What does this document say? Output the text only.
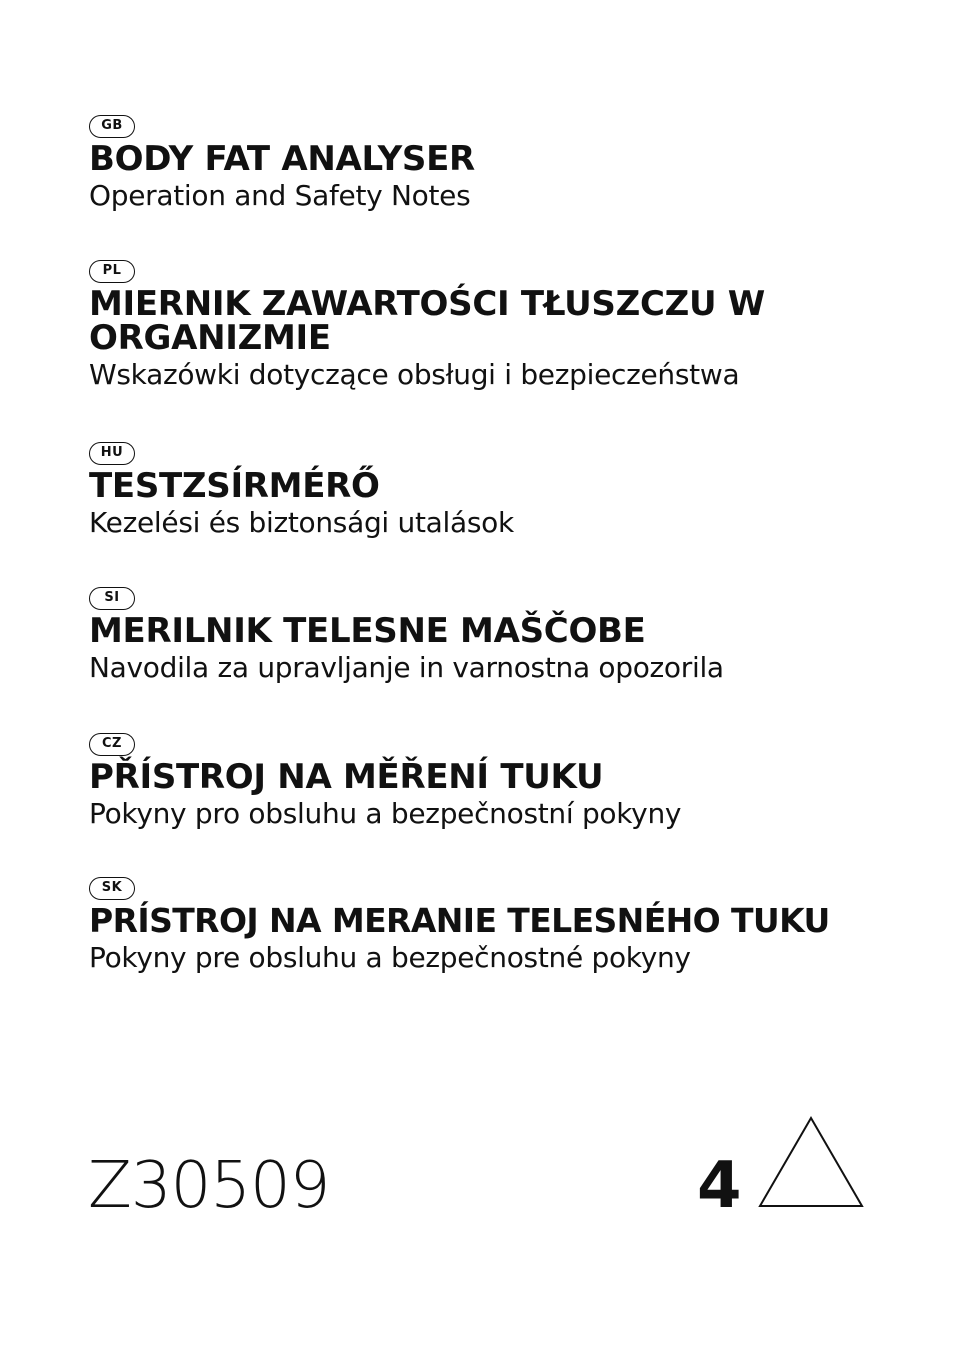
GB
BODY FAT ANALYSER
Operation and Safety Notes
PL
MIERNIK ZAWARTOŚCI TŁUSZCZU W ORGANIZMIE
Wskazówki dotyczące obsługi i bezpieczeństwa
HU
TESTZSÍRMÉRŐ
Kezelési és biztonsági utalások
SI
MERILNIK TELESNE MAŠČOBE
Navodila za upravljanje in varnostna opozorila
CZ
PŘÍSTROJ NA MĚŘENÍ TUKU
Pokyny pro obsluhu a bezpečnostní pokyny
SK
PRÍSTROJ NA MERANIE TELESNÉHO TUKU
Pokyny pre obsluhu a bezpečnostné pokyny
Z30509	4
